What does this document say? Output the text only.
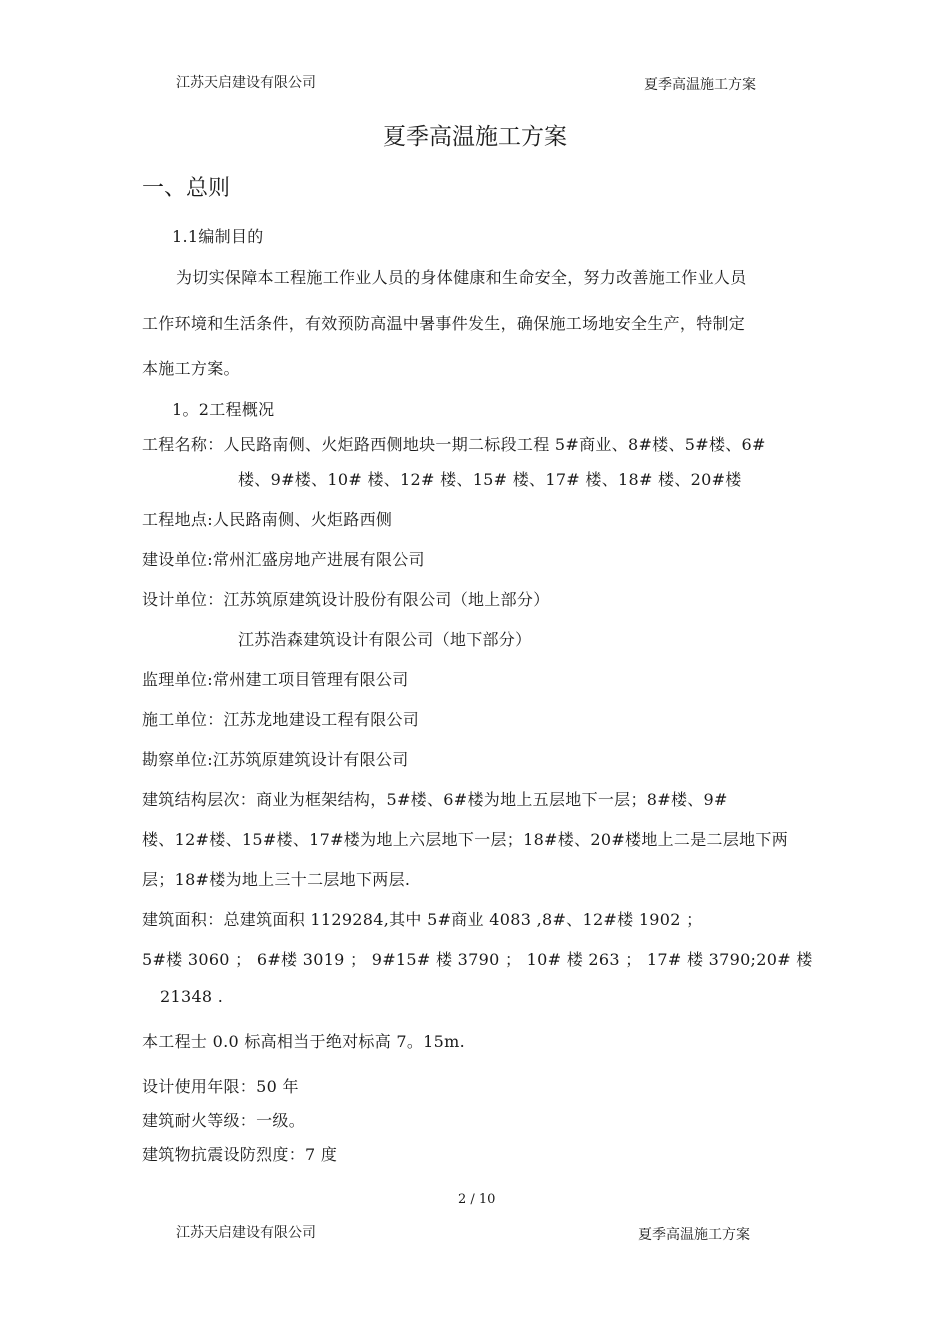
江苏天启建设有限公司	夏季高温施工方案
夏季高温施工方案
一、总则
1.1编制目的
为切实保障本工程施工作业人员的身体健康和生命安全，努力改善施工作业人员
工作环境和生活条件，有效预防高温中暑事件发生，确保施工场地安全生产，特制定
本施工方案。
1。2工程概况
工程名称：人民路南侧、火炬路西侧地块一期二标段工程 5#商业、8#楼、5#楼、6#
楼、9#楼、10# 楼、12# 楼、15# 楼、17# 楼、18# 楼、20#楼
工程地点:人民路南侧、火炬路西侧
建设单位:常州汇盛房地产进展有限公司
设计单位：江苏筑原建筑设计股份有限公司（地上部分）
江苏浩森建筑设计有限公司（地下部分）
监理单位:常州建工项目管理有限公司
施工单位：江苏龙地建设工程有限公司
勘察单位:江苏筑原建筑设计有限公司
建筑结构层次：商业为框架结构，5#楼、6#楼为地上五层地下一层；8#楼、9#
楼、12#楼、15#楼、17#楼为地上六层地下一层；18#楼、20#楼地上二是二层地下两
层；18#楼为地上三十二层地下两层.
建筑面积：总建筑面积 1129284,其中 5#商业 4083 ,8#、12#楼 1902 ；
5#楼 3060 ； 6#楼 3019 ； 9#15# 楼 3790 ； 10# 楼 263 ； 17# 楼 3790;20# 楼
21348 .
本工程士 0.0 标高相当于绝对标高 7。15m.
设计使用年限：50 年
建筑耐火等级：一级。
建筑物抗震设防烈度：7 度
2 / 10
江苏天启建设有限公司	夏季高温施工方案
